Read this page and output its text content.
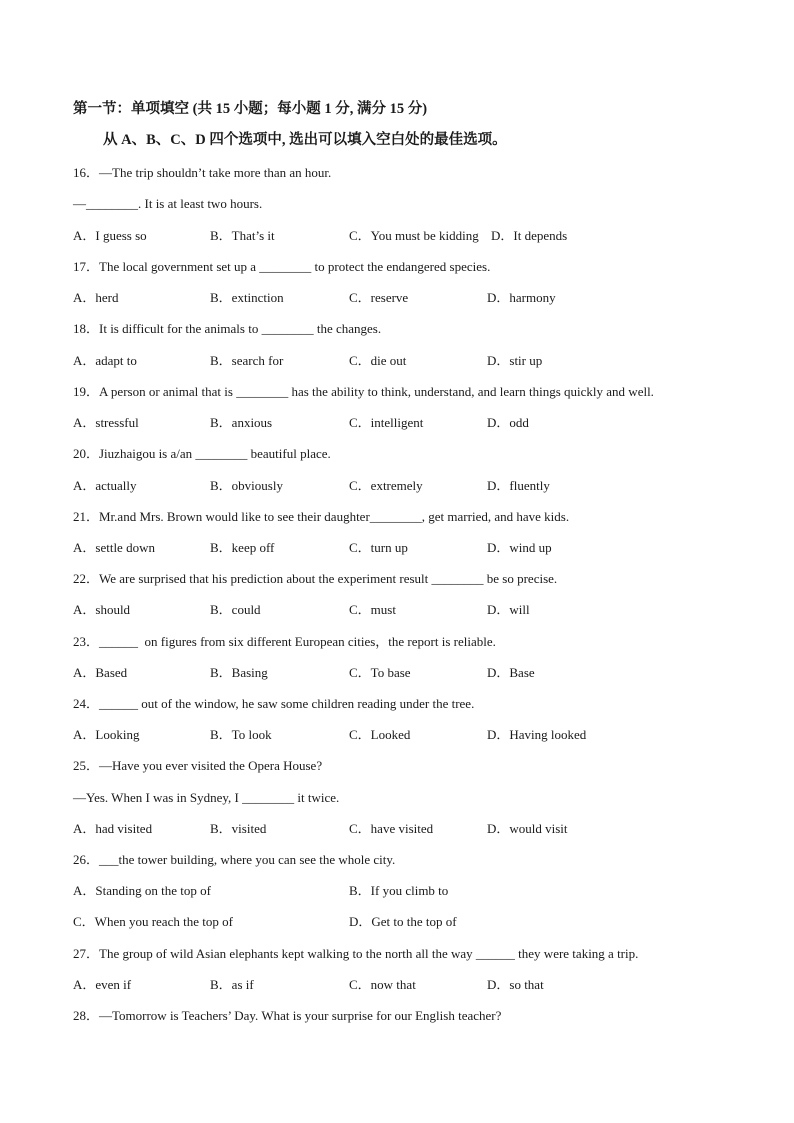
第一节：单项填空 (共 15 小题；每小题 1 分, 满分 15 分)
从 A、B、C、D 四个选项中, 选出可以填入空白处的最佳选项。
16．—The trip shouldn’t take more than an hour.
—________. It is at least two hours.
A．I guess so	B．That’s it	C．You must be kidding D．It depends
17．The local government set up a ________ to protect the endangered species.
A．herd	B．extinction	C．reserve	D．harmony
18．It is difficult for the animals to ________ the changes.
A．adapt to	B．search for	C．die out	D．stir up
19．A person or animal that is ________ has the ability to think, understand, and learn things quickly and well.
A．stressful	B．anxious	C．intelligent	D．odd
20．Jiuzhaigou is a/an ________ beautiful place.
A．actually	B．obviously	C．extremely	D．fluently
21．Mr.and Mrs. Brown would like to see their daughter________, get married, and have kids.
A．settle down	B．keep off	C．turn up	D．wind up
22．We are surprised that his prediction about the experiment result ________ be so precise.
A．should	B．could	C．must	D．will
23．______  on figures from six different European cities，the report is reliable.
A．Based	B．Basing	C．To base	D．Base
24．______ out of the window, he saw some children reading under the tree.
A．Looking	B．To look	C．Looked	D．Having looked
25．—Have you ever visited the Opera House?
—Yes. When I was in Sydney, I ________ it twice.
A．had visited	B．visited	C．have visited	D．would visit
26．___the tower building, where you can see the whole city.
A．Standing on the top of	B．If you climb to
C．When you reach the top of	D．Get to the top of
27．The group of wild Asian elephants kept walking to the north all the way ______ they were taking a trip.
A．even if	B．as if	C．now that	D．so that
28．—Tomorrow is Teachers’ Day. What is your surprise for our English teacher?
